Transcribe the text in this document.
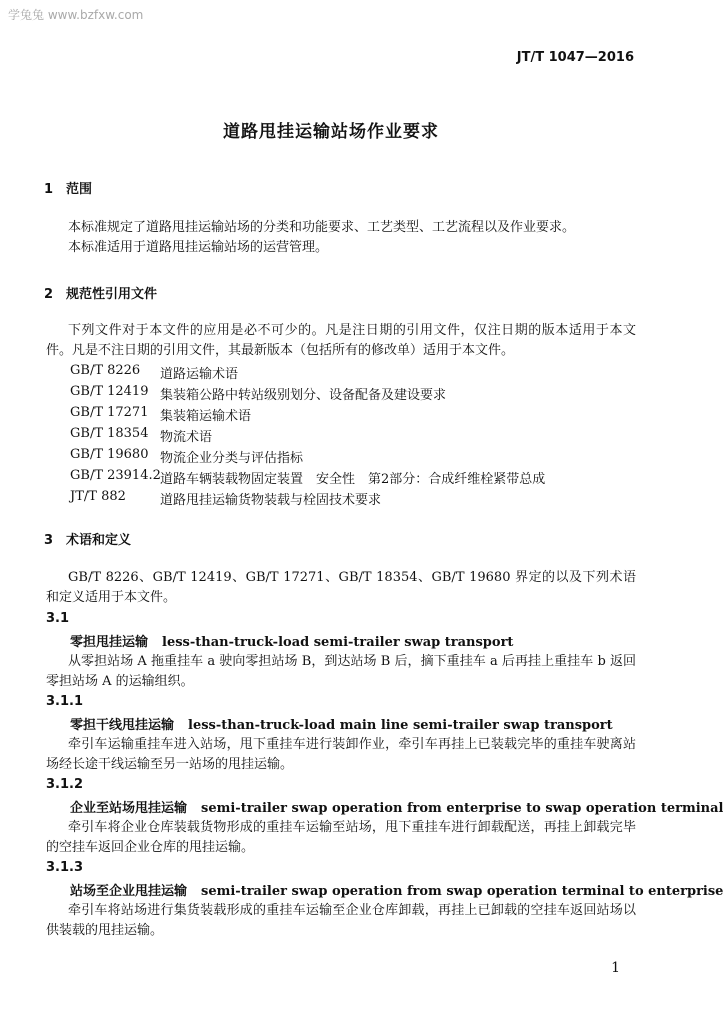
学兔兔 www.bzfxw.com
JT/T 1047—2016
道路甩挂运输站场作业要求
1 范围
本标准规定了道路甩挂运输站场的分类和功能要求、工艺类型、工艺流程以及作业要求。
本标准适用于道路甩挂运输站场的运营管理。
2 规范性引用文件
下列文件对于本文件的应用是必不可少的。凡是注日期的引用文件，仅注日期的版本适用于本文件。凡是不注日期的引用文件，其最新版本（包括所有的修改单）适用于本文件。
GB/T 8226 道路运输术语
GB/T 12419 集装箱公路中转站级别划分、设备配备及建设要求
GB/T 17271 集装箱运输术语
GB/T 18354 物流术语
GB/T 19680 物流企业分类与评估指标
GB/T 23914.2 道路车辆装载物固定装置　安全性　第2部分：合成纤维栓紧带总成
JT/T 882	道路甩挂运输货物装载与栓固技术要求
3 术语和定义
GB/T 8226、GB/T 12419、GB/T 17271、GB/T 18354、GB/T 19680 界定的以及下列术语和定义适用于本文件。
3.1
零担甩挂运输 less-than-truck-load semi-trailer swap transport
从零担站场 A 拖重挂车 a 驶向零担站场 B，到达站场 B 后，摘下重挂车 a 后再挂上重挂车 b 返回零担站场 A 的运输组织。
3.1.1
零担干线甩挂运输 less-than-truck-load main line semi-trailer swap transport
牵引车运输重挂车进入站场，甩下重挂车进行装卸作业，牵引车再挂上已装载完毕的重挂车驶离站场经长途干线运输至另一站场的甩挂运输。
3.1.2
企业至站场甩挂运输 semi-trailer swap operation from enterprise to swap operation terminal
牵引车将企业仓库装载货物形成的重挂车运输至站场，甩下重挂车进行卸载配送，再挂上卸载完毕的空挂车返回企业仓库的甩挂运输。
3.1.3
站场至企业甩挂运输 semi-trailer swap operation from swap operation terminal to enterprise
牵引车将站场进行集货装载形成的重挂车运输至企业仓库卸载，再挂上已卸载的空挂车返回站场以供装载的甩挂运输。
1
